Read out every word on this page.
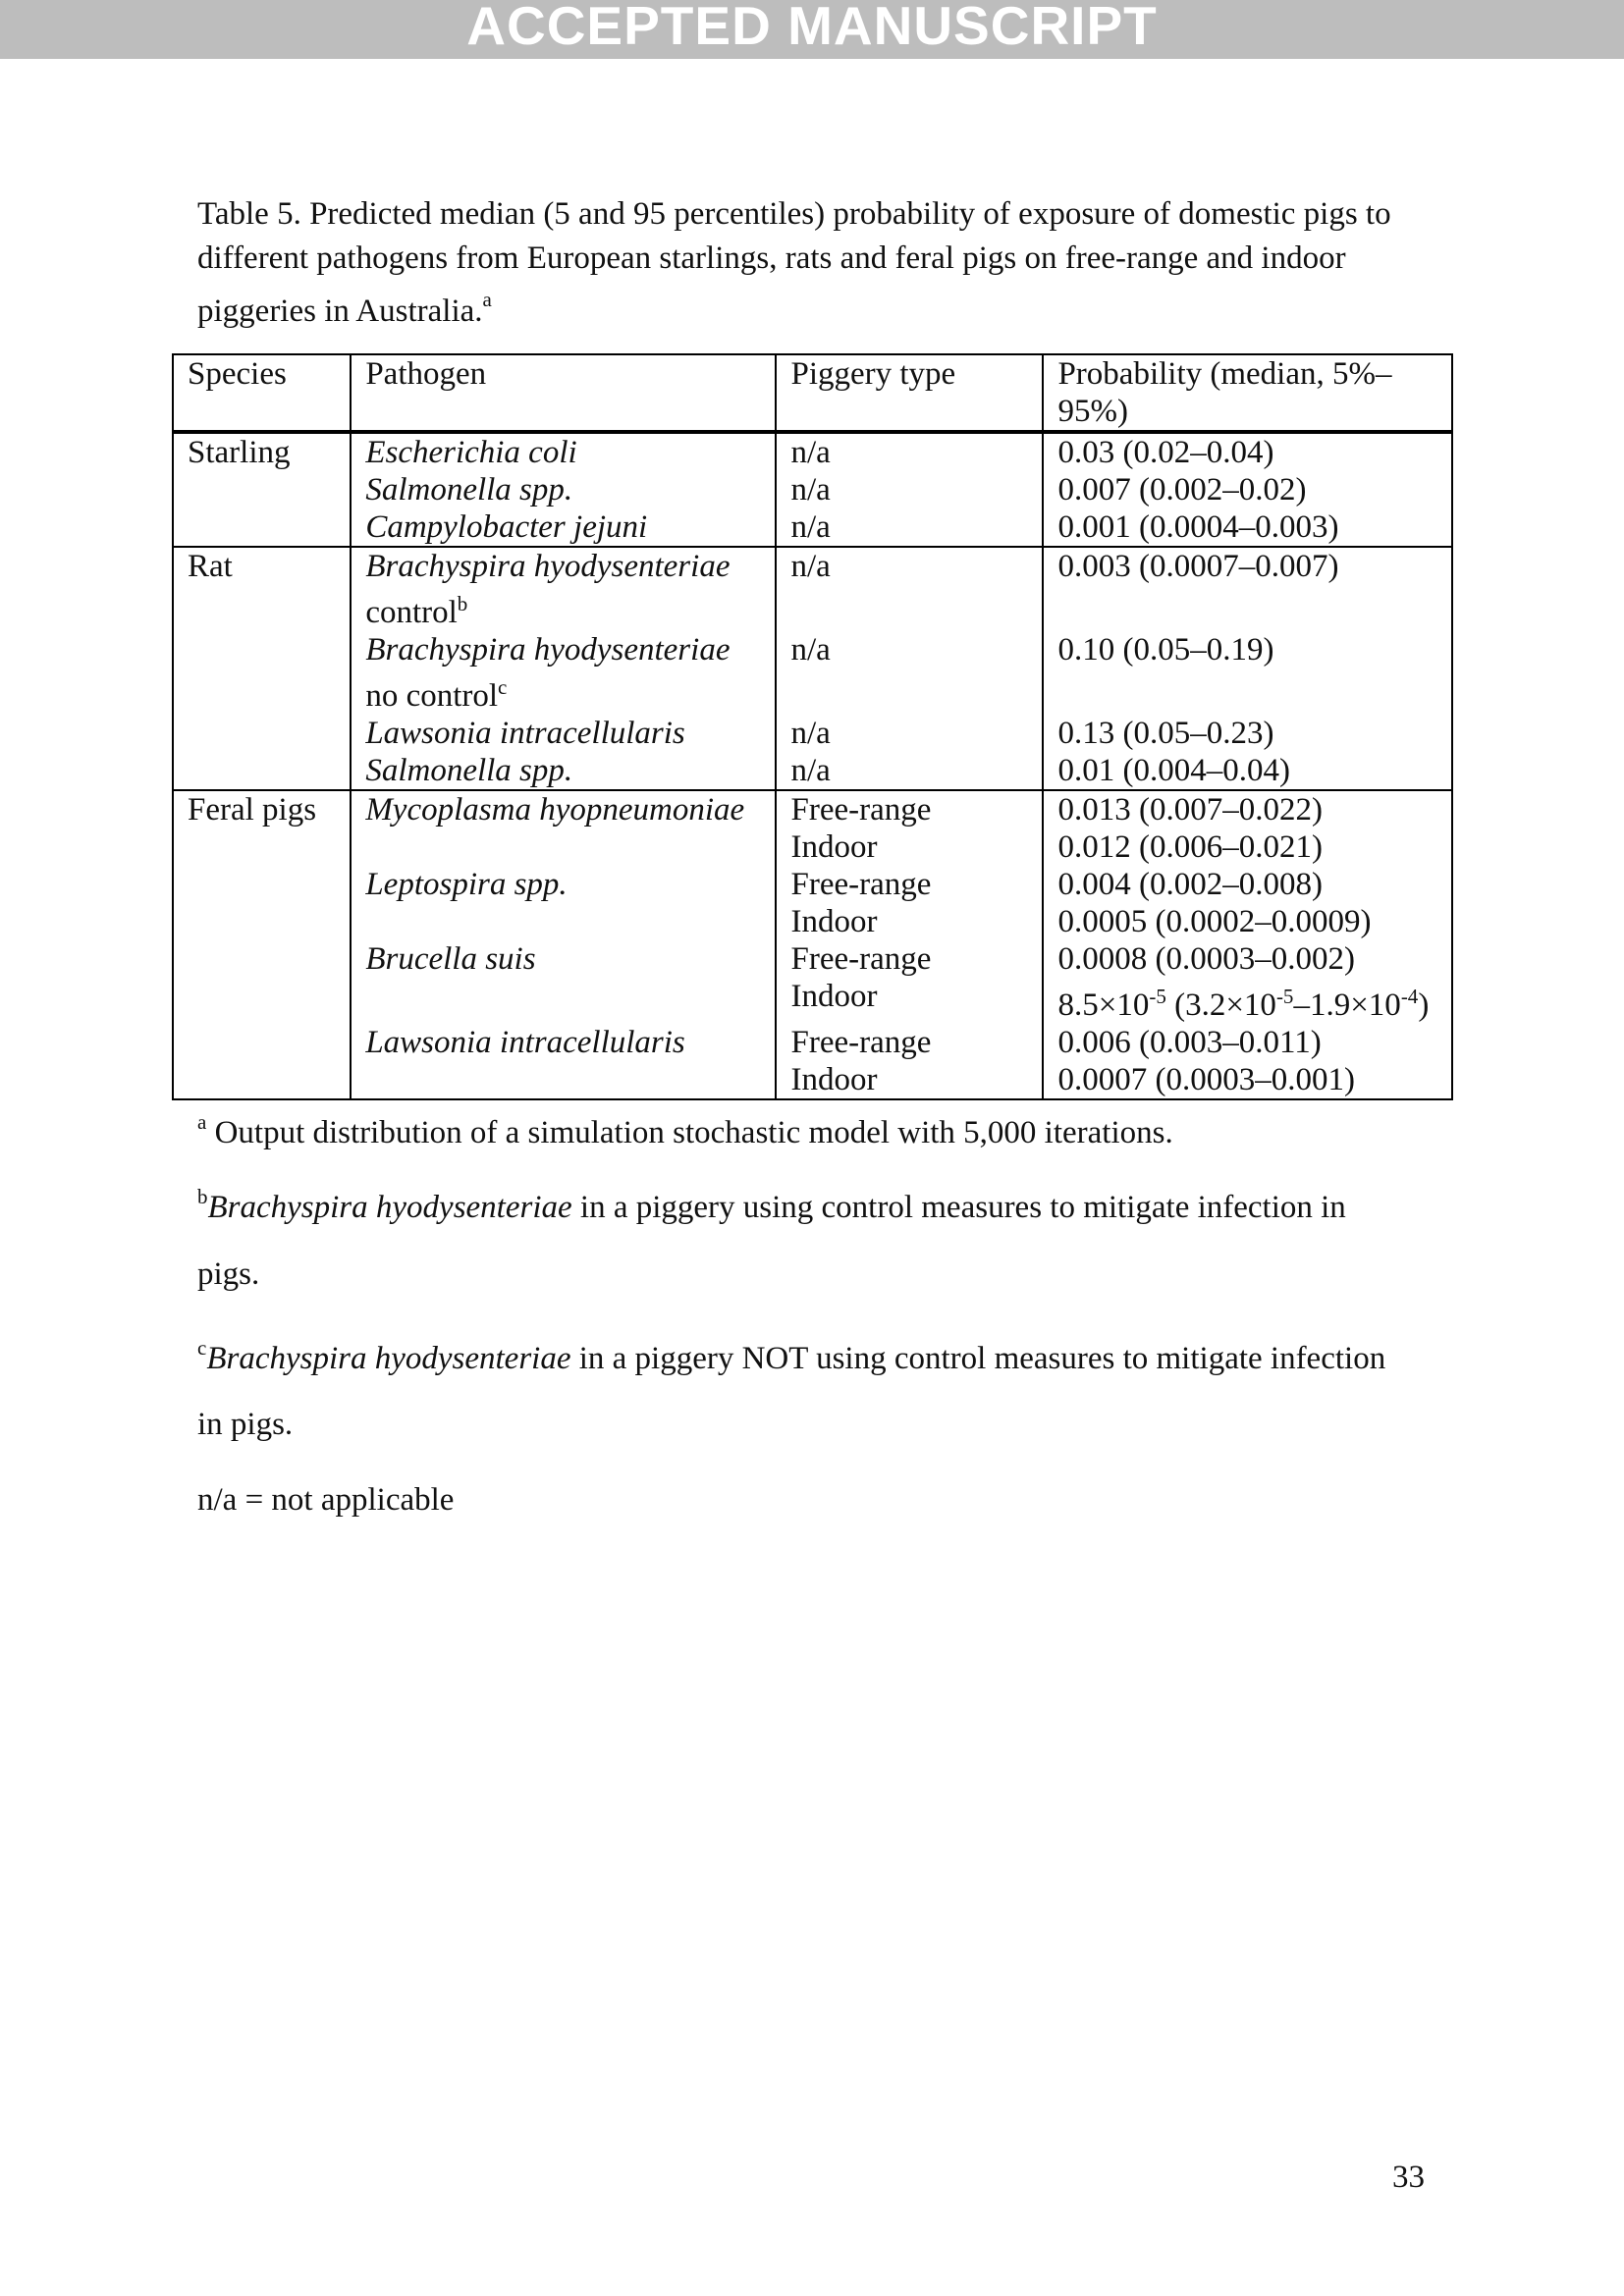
ACCEPTED MANUSCRIPT
Table 5. Predicted median (5 and 95 percentiles) probability of exposure of domestic pigs to different pathogens from European starlings, rats and feral pigs on free-range and indoor piggeries in Australia.$^a$
Species	Pathogen	Piggery type	Probability (median, 5%–95%)
Starling	Escherichia coli	n/a	0.03 (0.02–0.04)
	Salmonella spp.	n/a	0.007 (0.002–0.02)
	Campylobacter jejuni	n/a	0.001 (0.0004–0.003)
Rat	Brachyspira hyodysenteriae
control$^b$	n/a	0.003 (0.0007–0.007)
	Brachyspira hyodysenteriae
no control$^c$	n/a	0.10 (0.05–0.19)
	Lawsonia intracellularis	n/a	0.13 (0.05–0.23)
	Salmonella spp.	n/a	0.01 (0.004–0.04)
Feral pigs	Mycoplasma hyopneumoniae	Free-range	0.013 (0.007–0.022)
		Indoor	0.012 (0.006–0.021)
	Leptospira spp.	Free-range	0.004 (0.002–0.008)
		Indoor	0.0005 (0.0002–0.0009)
	Brucella suis	Free-range	0.0008 (0.0003–0.002)
		Indoor	$8.5\times 10^{-5}$ $(3.2\times 10^{-5}-1.9\times 10^{-4})$
	Lawsonia intracellularis	Free-range	0.006 (0.003–0.011)
		Indoor	0.0007 (0.0003–0.001)
$^a$ Output distribution of a simulation stochastic model with 5,000 iterations.
$^b$Brachyspira hyodysenteriae in a piggery using control measures to mitigate infection in
pigs.
$^c$Brachyspira hyodysenteriae in a piggery NOT using control measures to mitigate infection
in pigs.
n/a = not applicable
33
